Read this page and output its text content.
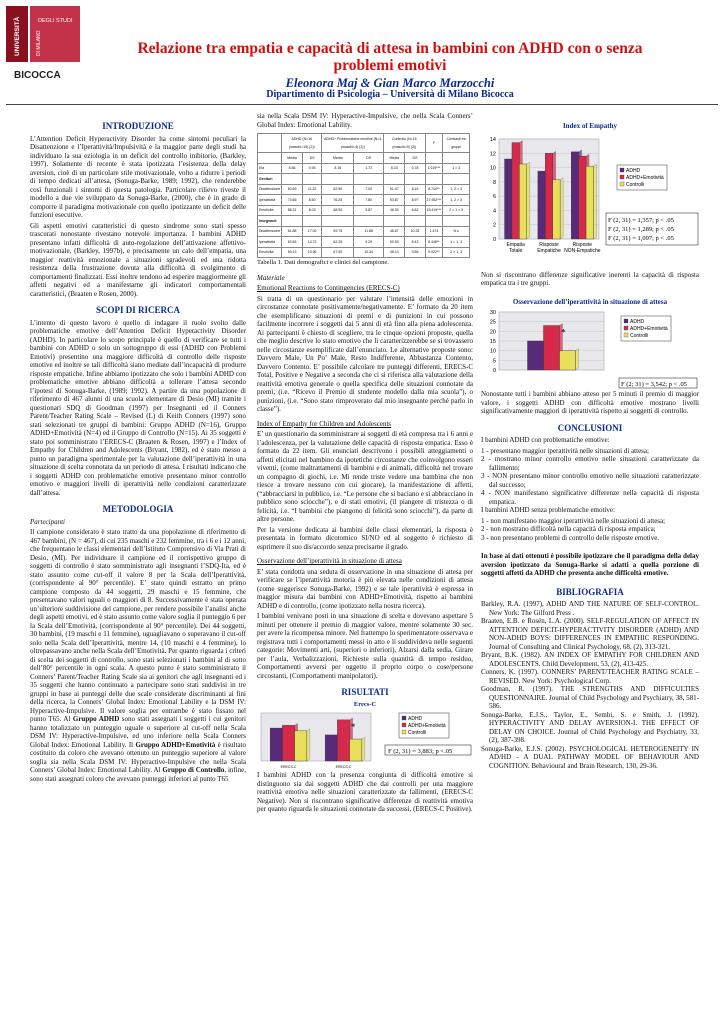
UNIVERSITÀ	DEGLI STUDI
DI MILANO
BICOCCA
Relazione tra empatia e capacità di attesa in bambini con ADHD con o senza
problemi emotivi
Eleonora Maj & Gian Marco Marzocchi
Dipartimento di Psicologia – Università di Milano Bicocca
INTRODUZIONE

L’Attention Deficit Hyperactivity Disorder ha come sintomi peculiari la Disattenzione e l’Iperattività/Impulsività e la maggior parte degli studi ha individuato la sua eziologia in un deficit del controllo inibitorio, (Barkley, 1997). Solamente di recente è stata ipotizzata l’esistenza della delay aversion, cioè di un particolare stile motivazionale, volto a ridurre i periodi di tempo dedicati all’attesa, (Sonuga-Barke, 1989; 1992), che renderebbe così funzionali i sintomi di questa patologia. Particolare rilievo riveste il modello a due vie sviluppato da Sonuga-Barke, (2000), che è in grado di comporre il paradigma motivazionale con quello ipotizzante un deficit delle funzioni esecutive.

Gli aspetti emotivi caratteristici di questo sindrome sono stati spesso trascurati nonostante rivestano notevole importanza. I bambini ADHD presentano infatti difficoltà di auto-regolazione dell’attivazione affettivo-motivazionale, (Barkley, 1997b), e precisamente un calo dell’empatia, una maggior reattività emozionale a situazioni sgradevoli ed una ridotta resistenza della frustrazione dovuta alla difficoltà di svolgimento di comportamenti finalizzati. Essi inoltre tendono ad esperire maggiormente gli affetti negativi ed a manifestarne gli indicatori comportamentali caratteristici, (Braaten e Rosen, 2000).

SCOPI DI RICERCA

L’intento di questo lavoro è quello di indagare il ruolo svolto dalle problematiche emotive dell’Attention Deficit Hyperactivity Disorder (ADHD). In particolare lo scopo principale è quello di verificare se tutti i bambini con ADHD o solo un sottogruppo di essi (ADHD con Problemi Emotivi) presentino una maggiore difficoltà di controllo delle risposte emotive ed inoltre se tali difficoltà siano mediate dall’incapacità di produrre risposte empatiche. Infine abbiamo ipotizzato che solo i bambini ADHD con problematiche emotive abbiano difficoltà a tollerare l’attesa secondo l’ipotesi di Sonuga-Barke, (1989; 1992). A partire da una popolazione di riferimento di 467 alunni di una scuola elementare di Desio (MI) tramite i questionari SDQ di Goodman (1997) per Insegnanti ed il Conners Parent/Teacher Rating Scale – Revised (L) di Keith Conners (1997) sono stati selezionati tre gruppi di bambini: Gruppo ADHD (N=16), Gruppo ADHD+Emotività (N=4) ed il Gruppo di Controllo (N=15). Ai 35 soggetti è stato poi somministrato l’ERECS-C (Braaten & Rosen, 1997) e l’Index of Empathy for Children and Adolescents (Bryant, 1982), ed è stato messo a punto un paradigma sperimentale per la valutazione dell’iperattività in una situazione di scelta connotata da un periodo di attesa. I risultati indicano che i soggetti ADHD con problematiche emotive presentano minor controllo emotivo e maggiori livelli di iperattività nelle condizioni caratterizzate dall’attesa.

METODOLOGIA

Partecipanti

Il campione considerato è stato tratto da una popolazione di riferimento di 467 bambini, (N = 467), di cui 235 maschi e 232 femmine, tra i 6 e i 12 anni, che frequentano le classi elementari dell’Istituto Comprensivo di Via Prati di Desio, (MI). Per individuare il campione ed il corrispettivo gruppo di soggetti di controllo è stato somministrato agli insegnanti l’SDQ-Ita, ed è stato assunto come cut-off il valore 8 per la Scala dell’Iperattività, (corrispondente al 90° percentile). E’ stato quindi estratto un primo campione composto da 44 soggetti, 29 maschi e 15 femmine, che presentavano valori uguali o maggiori di 8. Successivamente è stata operata un’ulteriore suddivisione del campione, per rendere possibile l’analisi anche degli aspetti emotivi, ed è stato assunto come valore soglia il punteggio 6 per la Scala dell’Emotività, (corrispondente al 90° percentile). Dei 44 soggetti, 30 bambini, (19 maschi e 11 femmine), uguagliavano o superavano il cut-off solo nella Scala dell’Iperattività, mentre 14, (10 maschi e 4 femmine), lo oltrepassavano anche nella Scala dell’Emotività. Per quanto riguarda i criteri di scelta dei soggetti di controllo, sono stati selezionati i bambini al di sotto dell’80° percentile in ogni scala. A questo punto è stato somministrato il Conners’ Parent/Teacher Rating Scale sia ai genitori che agli insegnanti ed i 35 soggetti che hanno continuato a partecipare sono stati suddivisi in tre gruppi in base ai punteggi delle due scale considerate discriminanti ai fini della ricerca, la Conners’ Global Index: Emotional Lability e la DSM IV: Hyperactive-Impulsive. Il valore soglia per entrambe è stato fissato nel punto T65. Al Gruppo ADHD sono stati assegnati i soggetti i cui genitori hanno totalizzato un punteggio uguale o superiore al cut-off nella Scala DSM IV: Hyperactive-Impulsive, ed uno inferiore nella Scala Conners Global Index: Emotional Lability. Il Gruppo ADHD+Emotività è risultato costituito da coloro che avevano ottenuto un punteggio superiore al valore soglia sia nella Scala DSM IV: Hyperactive-Impulsive che nella Scala Conners’ Global Index: Emotional Lability. Al Gruppo di Controllo, infine, sono stati assegnati coloro che avevano punteggi inferiori al punto T65

sia nella Scala DSM IV: Hyperactive-Impulsive, che nella Scala Conners’ Global Index: Emotional Lability.

	ADHD (N=16 (maschi=16) (2))		ADHD+ Problematiche emotive (N=4 (maschi=4) (2))		Controllo (N=15 (maschi=9) (3))		F	Contrasti tra gruppi
	Media	DS	Media	DS	Media	DS		
Età	8.66	0.94	8.16	1.72	8.33	0.78	1.019***	1 = 3
Genitori								
Disattenzione	60.59	11.22	62.50	7.00	51.47	8.16	8.740**	1, 2 > 3
Iperattività	73.66	8.60	76.25	7.80	53.87	8.97	27.952***	1, 2 > 3
Emotività	58.31	8.03	68.50	3.87	46.33	6.82	15.419***	2 > 1 > 3
Insegnanti								
Disattenzione	61.88	17.02	59.75	11.88	46.67	10.33	1.474	N.s
Iperattività	63.56	14.72	62.25	9.29	50.93	8.43	8.448**	1 = 1, 3
Emotività	59.13	10.96	67.50	10.34	48.13	9.86	9.022**	2 > 1, 3
Tabella 1. Dati demografici e clinici del campione.

Materiale

Emotional Reactions to Contingencies (ERECS-C)

Si tratta di un questionario per valutare l’intensità delle emozioni in circostanze connotate positivamente/negativamente. E’ formato da 20 item che esemplificano situazioni di premi e di punizioni in cui possono facilmente incorrere i soggetti dai 5 anni di età fino alla piena adolescenza. Ai partecipanti è chiesto di scegliere, tra le cinque opzioni proposte, quella che meglio descrive lo stato emotivo che li caratterizzerebbe se si trovassero nelle circostanze esemplificate dall’enunciato. Le alternative proposte sono: Davvero Male, Un Po’ Male, Resto Indifferente, Abbastanza Contento, Davvero Contento. E’ possibile calcolare tre punteggi differenti, ERECS-C Total, Positive e Negative a seconda che ci si riferisca alla valutazione della reattività emotiva generale o quella specifica delle situazioni connotate da premi, (i.e. “Ricevo il Premio di studente modello dalla mia scuola”), o punizioni, (i.e. “Sono stato rimproverato dal mio insegnante perché parlo in classe”).

Index of Empathy for Children and Adolescents

E’ un questionario da somministrare ai soggetti di età compresa tra i 6 anni e l’adolescenza, per la valutazione delle capacità di risposta empatica. Esso è formato da 22 item. Gli enunciati descrivono i possibili atteggiamenti o affetti elicitati nel bambino da ipotetiche circostanze che coinvolgono esseri viventi, (come maltrattamenti di bambini e di animali, difficoltà nel trovare un compagno di giochi, i.e. Mi rende triste vedere una bambina che non riesce a trovare nessuno con cui giocare), la manifestazione di affetti, (“abbracciarsi in pubblico, i.e. “Le persone che si baciano e si abbracciano in pubblico sono sciocche”), e di stati emotivi, (il piangere di tristezza o di felicità, i.e. “I bambini che piangono di felicità sono sciocchi”), da parte di altre persone.

Per la versione dedicata ai bambini delle classi elementari, la risposta è presentata in formato dicotomico SI/NO ed al soggetto è richiesto di esprimere il suo dis/accordo senza precisarne il grado.

Osservazione dell’iperattività in situazione di attesa

E’ stata condotta una seduta di osservazione in una situazione di attesa per verificare se l’iperattività motoria è più elevata nelle condizioni di attesa (come suggerisce Sonuga-Barke, 1992) e se tale iperattività è espressa in maggior misura dai bambini con ADHD+Emotività, rispetto ai bambini ADHD e di controllo, (come ipotizzato nella nostra ricerca).

I bambini venivano posti in una situazione di scelta e dovevano aspettare 5 minuti per ottenere il premio di maggior valore, mentre solamente 30 sec. per avere la ricompensa minore. Nel frattempo lo sperimentatore osservava e registrava tutti i comportamenti messi in atto e li suddivideva nelle seguenti categorie: Movimenti arti, (superiori o inferiori), Alzarsi dalla sedia, Girare per l’aula, Verbalizzazioni, Richieste sulla quantità di tempo residuo, Comportamenti avversi per oggetto il proprio corpo o cose/persone circostanti, (Comportamenti manipolatori).

RISULTATI
Erecs-C
ERECS-C	ERECS-C
*
ADHD
ADHD+Emotività
Controlli
F (2, 31) = 3,883; p <.05

I bambini ADHD con la presenza congiunta di difficoltà emotive si distinguono sia dai soggetti ADHD che dai controlli per una maggiore reattività emotiva nelle situazioni caratterizzate da fallimenti, (ERECS-C Negative). Non si riscontrano significative differenze di reattività emotiva per quanto riguarda le situazioni connotate da successi, (ERECS-C Positive).

Index of Empathy
0
2
4
6
8
10
12
14
Empatia
Totale
Risposte
Empatiche
Risposte
NON-Empatiche
ADHD
ADHD+Emotività
Controlli
F (2, 31) = 1,357; p < .05
F (2, 31) = 1,289; p < .05
F (2, 31) = 1,097; p < .05

Non si riscontrano differenze significative inerenti la capacità di risposta empatica tra i tre gruppi.

Osservazione dell’iperattività in situazione di attesa
0
5
10
15
20
25
30
*
ADHD
ADHD+Emotività
Controlli
F (2; 31) = 3,542; p < .05

Nonostante tutti i bambini abbiano atteso per 5 minuti il premio di maggior valore, i soggetti ADHD con difficoltà emotive mostrano livelli significativamente maggiori di iperattività rispetto ai soggetti di controllo.

CONCLUSIONI

I bambini ADHD con problematiche emotive:

1 - presentano maggior iperattività nelle situazioni di attesa;

2 - mostrano minor controllo emotivo nelle situazioni caratterizzate da fallimento;

3 - NON presentano minor controllo emotivo nelle situazioni caratterizzate dal successo;

4 - NON manifestano significative differenze nella capacità di risposta empatica.

I bambini ADHD senza problematiche emotive:

1 - non manifestano maggior iperattività nelle situazioni di attesa;

2 - non mostrano difficoltà nella capacità di risposta empatica;

3 - non presentano problemi di controllo delle risposte emotive.

In base ai dati ottenuti è possibile ipotizzare che il paradigma della delay aversion ipotizzato da Sonuga-Barke si adatti a quella porzione di soggetti affetti da ADHD che presenta anche difficoltà emotive.

BIBLIOGRAFIA

Barkley, R.A. (1997), ADHD AND THE NATURE OF SELF-CONTROL. New York: The Gilford Press .

Braaten, E.B. e Rosén, L.A. (2000). SELF-REGULATION OF AFFECT IN ATTENTION DEFICIT-HYPERACTIVITY DISORDER (ADHD) AND NON-ADHD BOYS: DIFFERENCES IN EMPATHIC RESPONDING. Journal of Consulting and Clinical Psychology, 68, (2), 313-321.

Bryant, B.K. (1982). AN INDEX OF EMPATHY FOR CHILDREN AND ADOLESCENTS. Child Development, 53, (2), 413-425.

Conners, K. (1997). CONNERS’ PARENT/TEACHER RATING SCALE –REVISED. New York: Psychological Corp.

Goodman, R. (1997). THE STRENGTHS AND DIFFICULTIES QUESTIONNAIRE. Journal of Child Psychology and Psychiatry, 38, 581-586.

Sonuga-Barke, E.J.S., Taylor, E., Sembi, S. e Smith, J. (1992). HYPERACTIVITY AND DELAY AVERSION-I. THE EFFECT OF DELAY ON CHOICE. Journal of Child Psychology and Psychiatry, 33, (2), 387-398.

Sonuga-Barke, E.J.S. (2002). PSYCHOLOGICAL HETEROGENEITY IN AD/HD - A DUAL PATHWAY MODEL OF BEHAVIOUR AND COGNITION. Behavioural and Brain Research, 130, 29-36.
